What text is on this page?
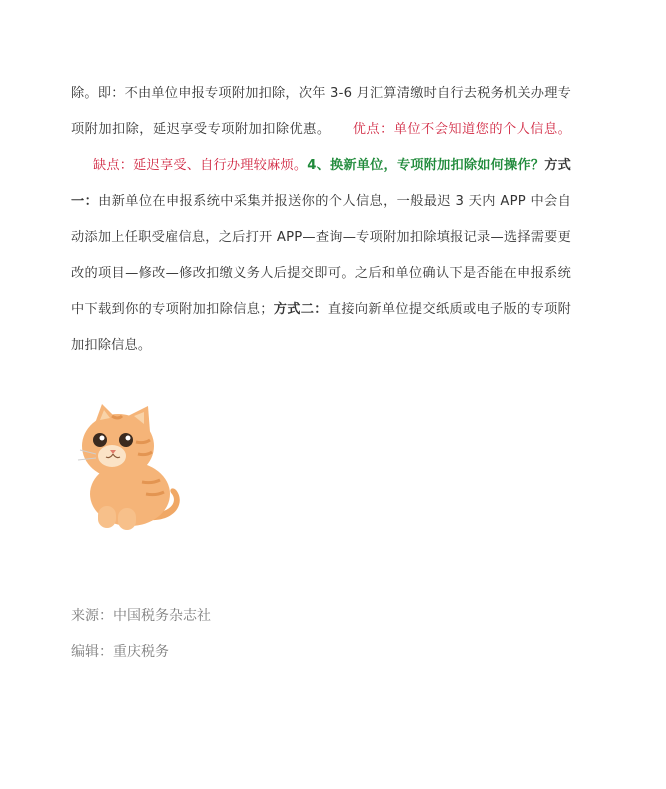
除。即：不由单位申报专项附加扣除，次年 3-6 月汇算清缴时自行去税务机关办理专项附加扣除，延迟享受专项附加扣除优惠。 优点：单位不会知道您的个人信息。缺点：延迟享受、自行办理较麻烦。4、换新单位，专项附加扣除如何操作？方式一：由新单位在申报系统中采集并报送你的个人信息，一般最迟 3 天内 APP 中会自动添加上任职受雇信息，之后打开 APP—查询—专项附加扣除填报记录—选择需要更改的项目—修改—修改扣缴义务人后提交即可。之后和单位确认下是否能在申报系统中下载到你的专项附加扣除信息；方式二：直接向新单位提交纸质或电子版的专项附加扣除信息。
来源：中国税务杂志社
编辑：重庆税务
